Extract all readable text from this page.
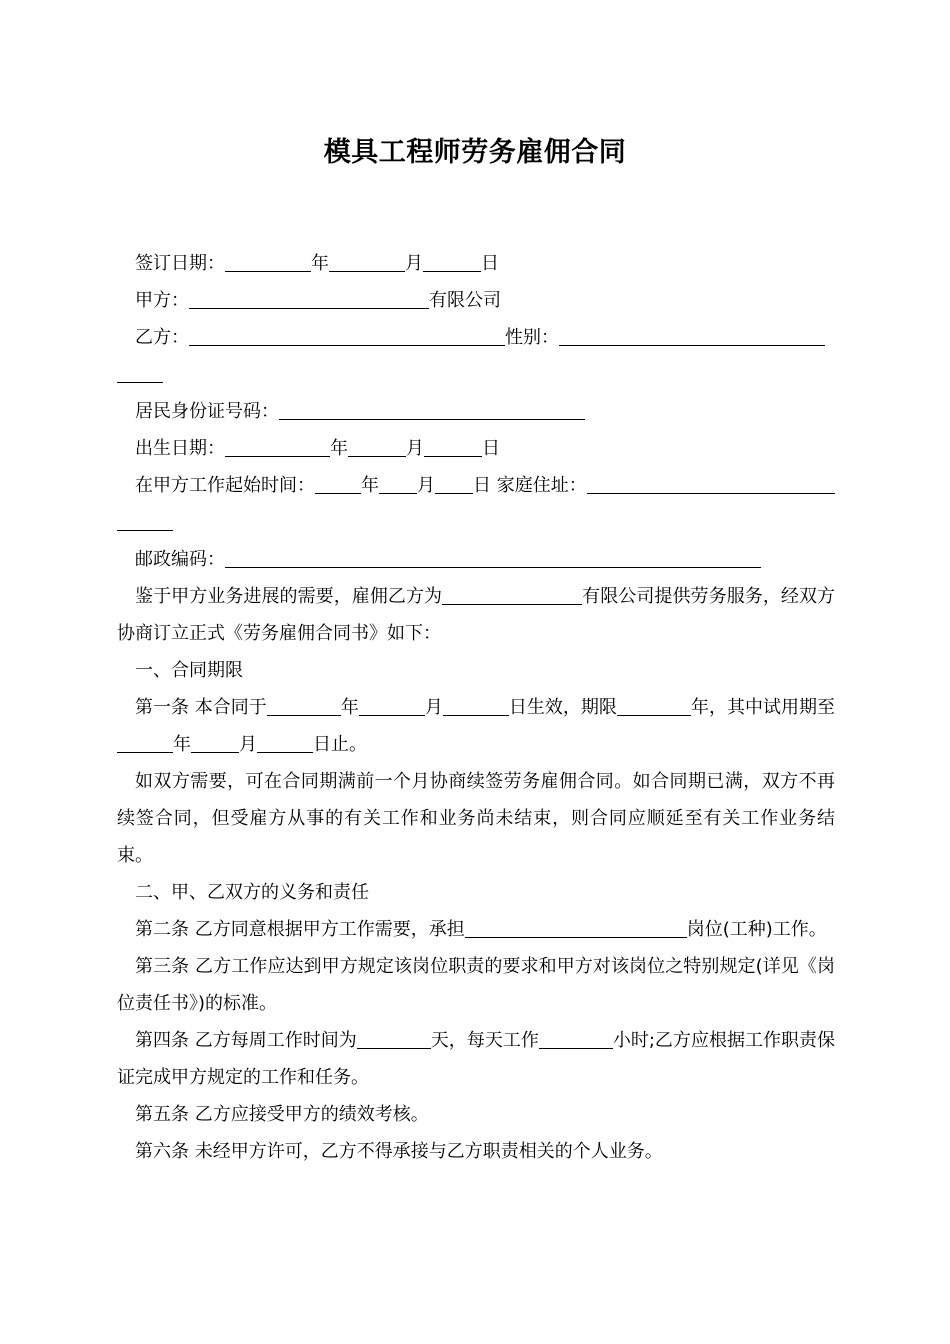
模具工程师劳务雇佣合同

签订日期：	年	月	日

甲方：	有限公司

乙方：	性别：

居民身份证号码：

出生日期：	年	月	日

在甲方工作起始时间：	年 月 日 家庭住址：

邮政编码：

鉴于甲方业务进展的需要，雇佣乙方为	有限公司提供劳务服务，经双方协商订立正式《劳务雇佣合同书》如下：

一、合同期限

第一条 本合同于	年	月	日生效，期限	年，其中试用期至年	月	日止。

如双方需要，可在合同期满前一个月协商续签劳务雇佣合同。如合同期已满，双方不再续签合同，但受雇方从事的有关工作和业务尚未结束，则合同应顺延至有关工作业务结束。

二、甲、乙双方的义务和责任

第二条 乙方同意根据甲方工作需要，承担	岗位(工种)工作。

第三条 乙方工作应达到甲方规定该岗位职责的要求和甲方对该岗位之特别规定(详见《岗位责任书》)的标准。

第四条 乙方每周工作时间为	天，每天工作	小时;乙方应根据工作职责保证完成甲方规定的工作和任务。

第五条 乙方应接受甲方的绩效考核。

第六条 未经甲方许可，乙方不得承接与乙方职责相关的个人业务。
